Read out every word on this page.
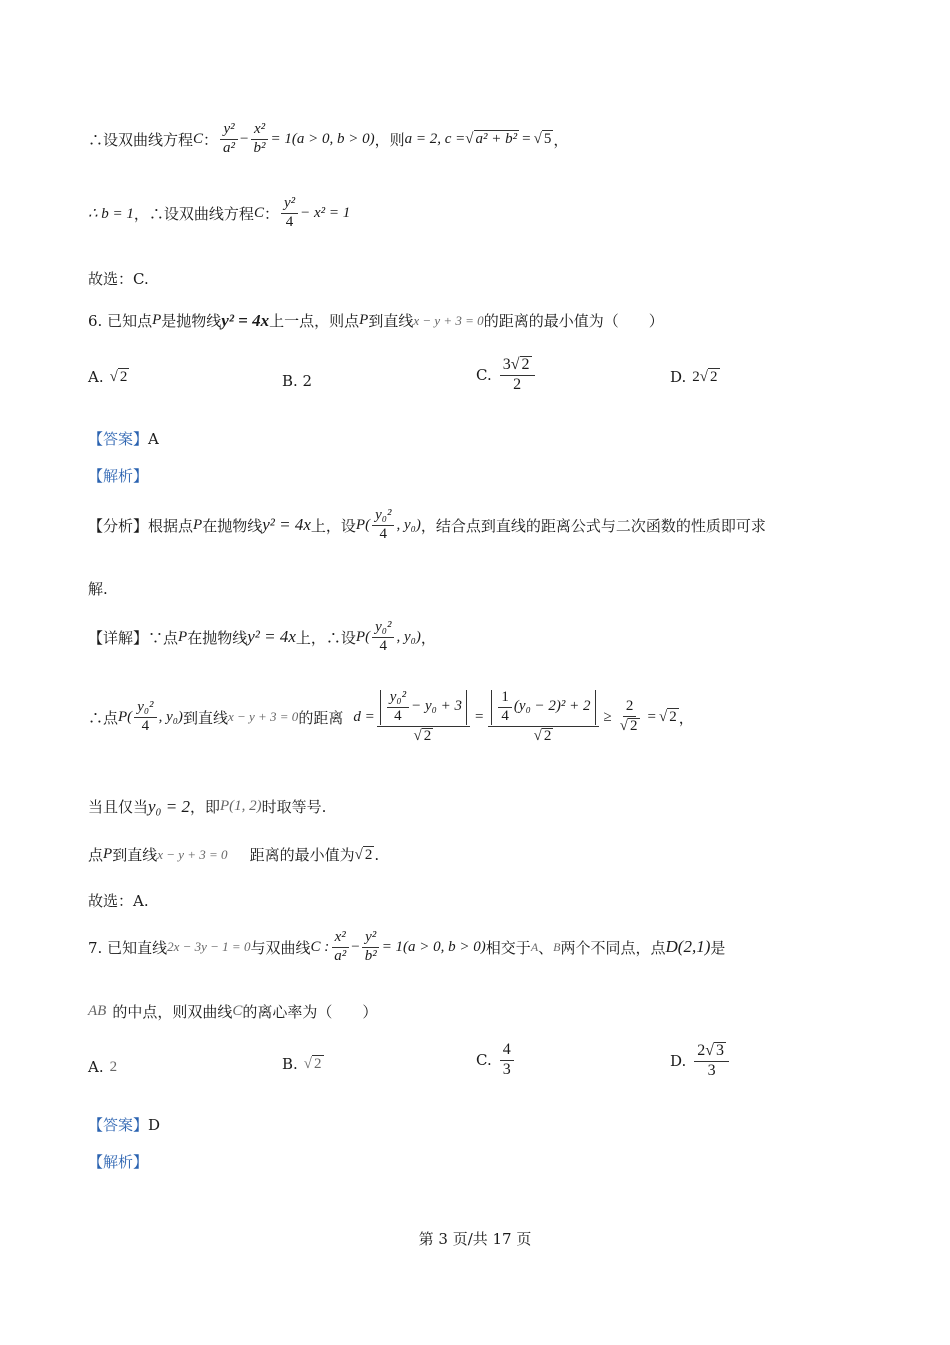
∴设双曲线方程 C ： $\frac{\text{y²}}{\text{a²}} - \frac{\text{x²}}{\text{b²}} = 1(a > 0$, b > 0) ，则 a = 2, c = √ a² + b² = √ 5 ，
∴ b = 1 ，∴设双曲线方程 C ： $\frac{\text{y²}}{4} - x^2 = 1$
故选：C.
6. 已知点 P 是抛物线 y² = 4x 上一点，则点 P 到直线 x − y + 3 = 0 的距离的最小值为（　　）
A. √ 2	B. 2	C. $\frac{3√ 2}{2}$	D. 2 √ 2
【答案】 A
【解析】
【分析】 根据点 P 在抛物线 y² = 4x 上，设 $P( \frac{\text{y₀²}}{4}$ , y₀) ，结合点到直线的距离公式与二次函数的性质即可求
解.
【详解】 ∵点 P 在抛物线 y² = 4x 上，∴设 $P( \frac{\text{y₀²}}{4}$ , y₀) ，
∴点 $P( \frac{\text{y₀²}}{4}$ , y₀) 到直线 x − y + 3 = 0 的距离 $d = \frac{\frac{\text{y₀²}}{4} - y_0 + 3}{√ 2} = \frac{\frac{1}{4} (y_0 - 2)^2 + 2}{√ 2} \ge \frac{2}{√ 2}$ = √ 2 ，
当且仅当 y₀ = 2 ，即 P(1, 2) 时取等号.
点 P 到直线 x − y + 3 = 0 距离的最小值为 √ 2 .
故选：A.
7. 已知直线 2x − 3y − 1 = 0 与双曲线 C : $\frac{\text{x²}}{\text{a²}} - \frac{\text{y²}}{\text{b²}} = 1(a > 0$, b > 0) 相交于 A 、 B 两个不同点，点 D(2,1) 是
AB 的中点，则双曲线 C 的离心率为（　　）
A. 2	B. √ 2	C. $\frac{4}{3}$	D. $\frac{2√ 3}{3}$
【答案】 D
【解析】
第 3 页/共 17 页
